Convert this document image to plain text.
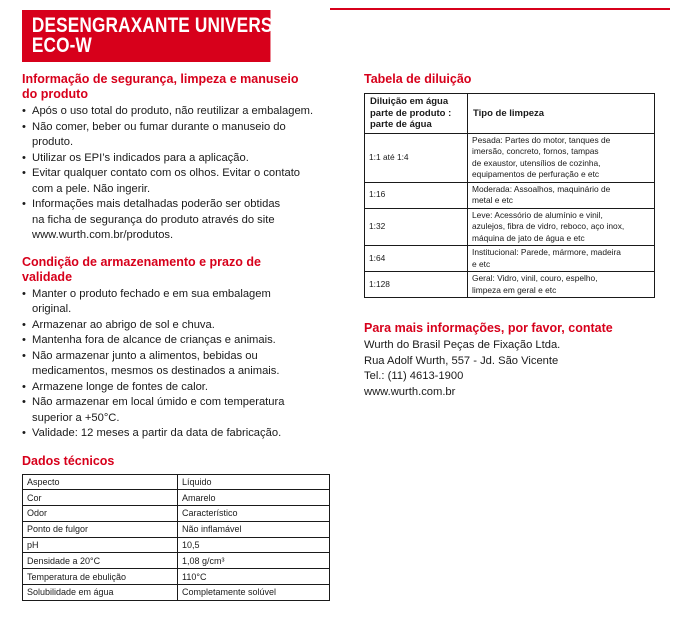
DESENGRAXANTE UNIVERSAL
ECO-W
Informação de segurança, limpeza e manuseio
do produto
• Após o uso total do produto, não reutilizar a embalagem.
• Não comer, beber ou fumar durante o manuseio do
produto.
• Utilizar os EPI’s indicados para a aplicação.
• Evitar qualquer contato com os olhos. Evitar o contato
com a pele. Não ingerir.
• Informações mais detalhadas poderão ser obtidas
na ficha de segurança do produto através do site
www.wurth.com.br/produtos.
Condição de armazenamento e prazo de
validade
• Manter o produto fechado e em sua embalagem
original.
• Armazenar ao abrigo de sol e chuva.
• Mantenha fora de alcance de crianças e animais.
• Não armazenar junto a alimentos, bebidas ou
medicamentos, mesmos os destinados a animais.
• Armazene longe de fontes de calor.
• Não armazenar em local úmido e com temperatura
superior a +50°C.
• Validade: 12 meses a partir da data de fabricação.
Dados técnicos
Aspecto	Líquido
Cor	Amarelo
Odor	Característico
Ponto de fulgor	Não inflamável
pH	10,5
Densidade a 20°C	1,08 g/cm³
Temperatura de ebulição	110°C
Solubilidade em água	Completamente solúvel
Tabela de diluição
Diluição em água
parte de produto :
parte de água	Tipo de limpeza
1:1 até 1:4	Pesada: Partes do motor, tanques de
imersão, concreto, fornos, tampas
de exaustor, utensílios de cozinha,
equipamentos de perfuração e etc

1:16	Moderada: Assoalhos, maquinário de
metal e etc

1:32	Leve: Acessório de alumínio e vinil,
azulejos, fibra de vidro, reboco, aço inox,
máquina de jato de água e etc

1:64	Institucional: Parede, mármore, madeira
e etc

1:128	Geral: Vidro, vinil, couro, espelho,
limpeza em geral e etc
Para mais informações, por favor, contate
Wurth do Brasil Peças de Fixação Ltda.
Rua Adolf Wurth, 557 - Jd. São Vicente
Tel.: (11) 4613-1900
www.wurth.com.br
